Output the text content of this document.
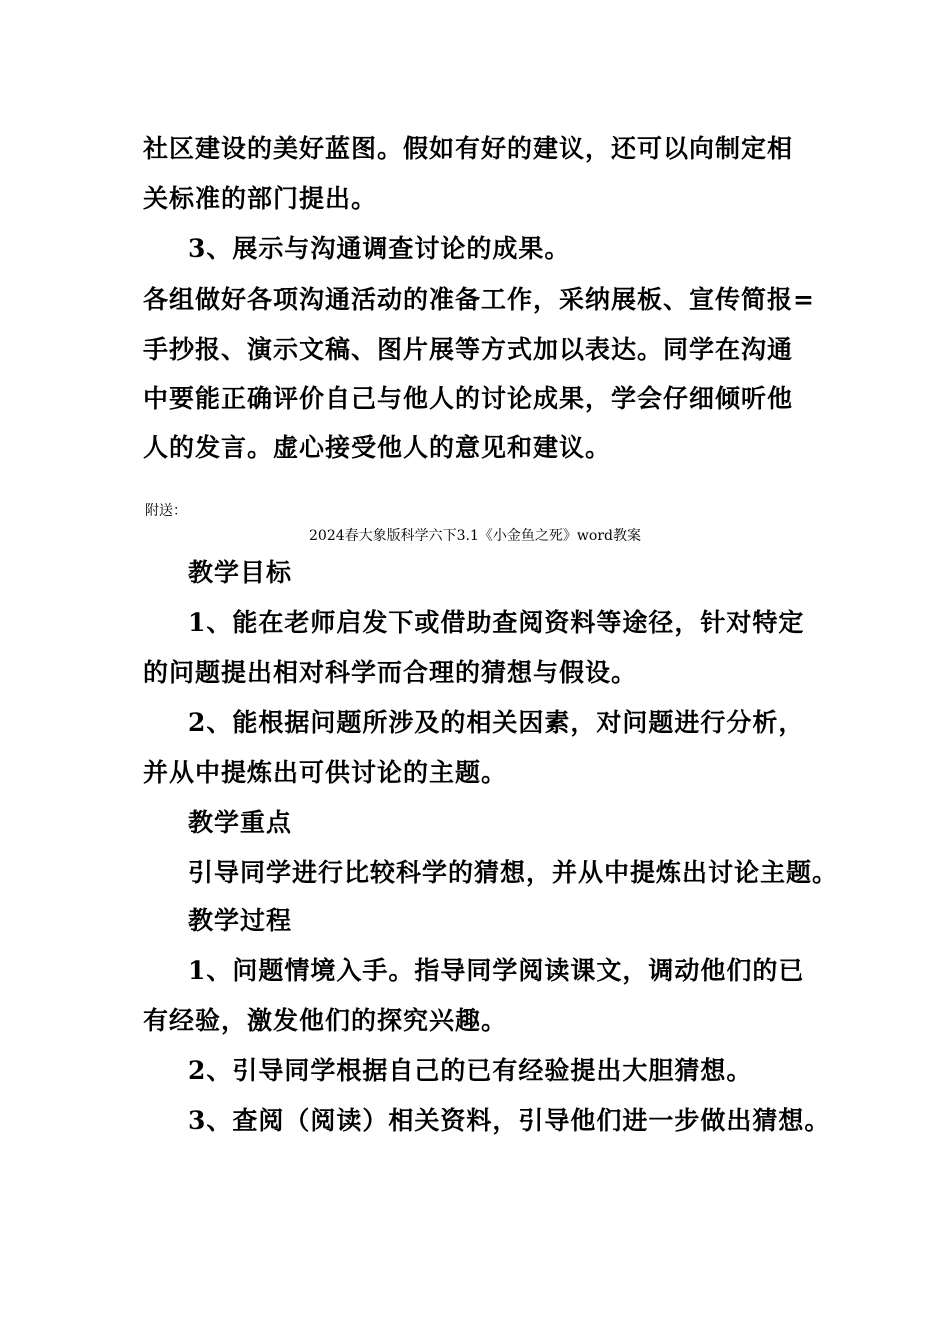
社区建设的美好蓝图。假如有好的建议，还可以向制定相
关标准的部门提出。
3、展示与沟通调查讨论的成果。
各组做好各项沟通活动的准备工作，采纳展板、宣传简报=
手抄报、演示文稿、图片展等方式加以表达。同学在沟通
中要能正确评价自己与他人的讨论成果，学会仔细倾听他
人的发言。虚心接受他人的意见和建议。
附送：
2024春大象版科学六下3.1《小金鱼之死》word教案
教学目标
1、能在老师启发下或借助查阅资料等途径，针对特定
的问题提出相对科学而合理的猜想与假设。
2、能根据问题所涉及的相关因素，对问题进行分析，
并从中提炼出可供讨论的主题。
教学重点
引导同学进行比较科学的猜想，并从中提炼出讨论主题。
教学过程
1、问题情境入手。指导同学阅读课文，调动他们的已
有经验，激发他们的探究兴趣。
2、引导同学根据自己的已有经验提出大胆猜想。
3、查阅（阅读）相关资料，引导他们进一步做出猜想。
